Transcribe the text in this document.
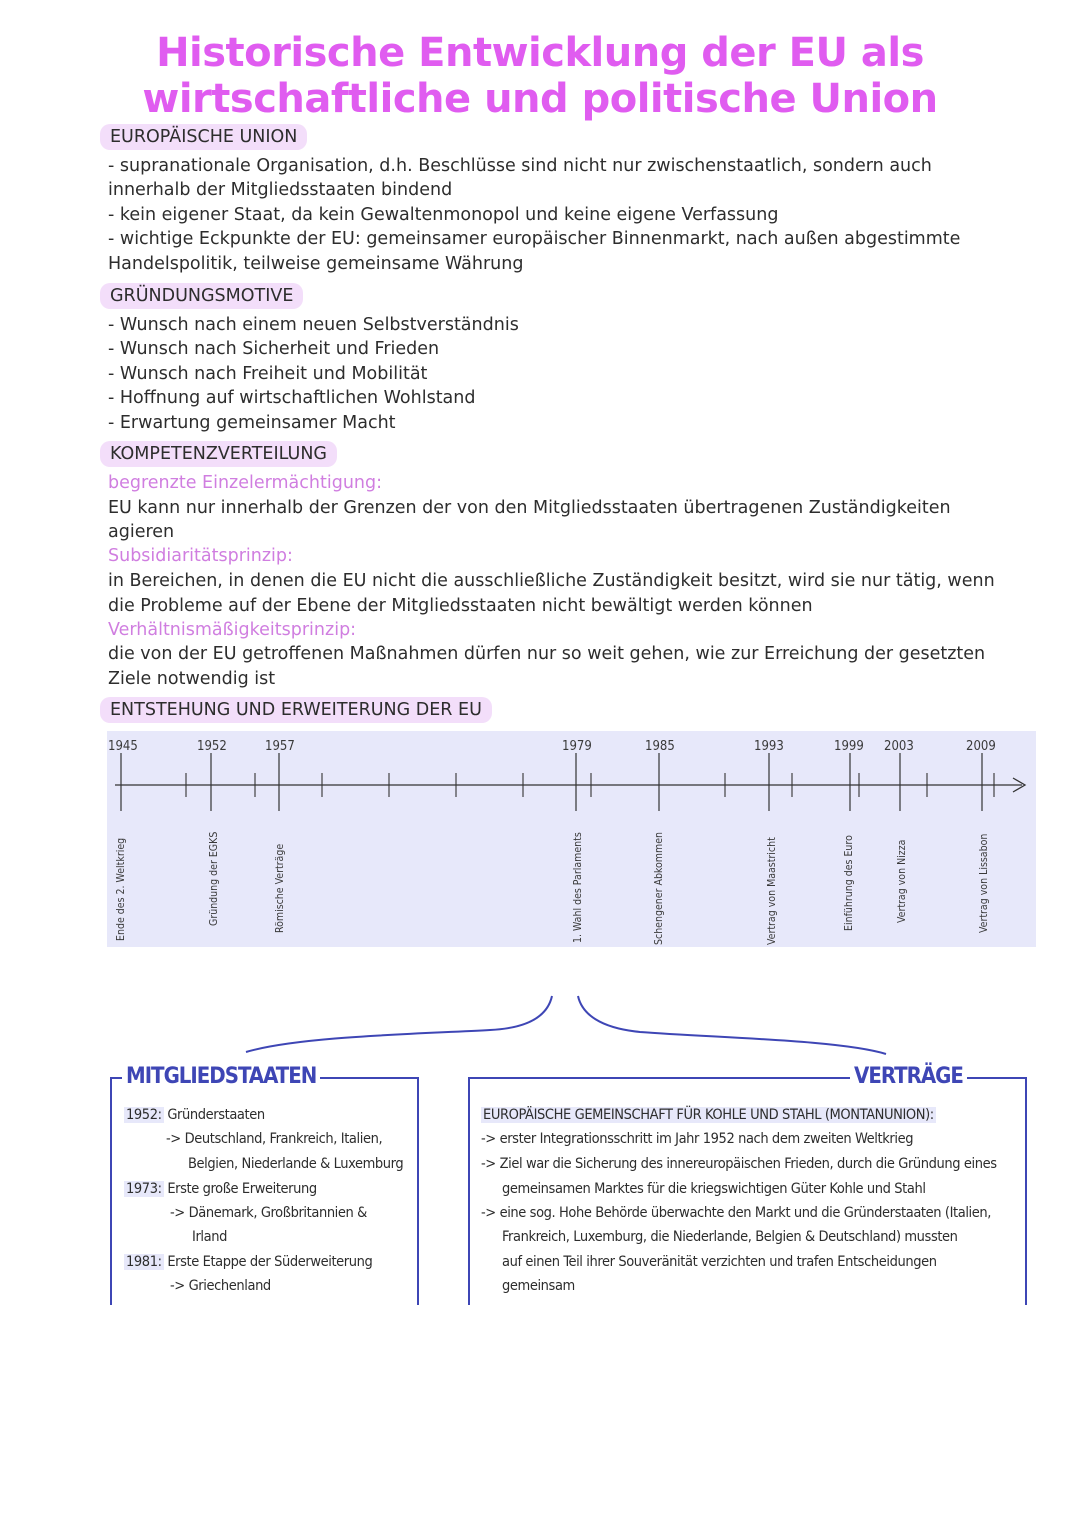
Historische Entwicklung der EU als
wirtschaftliche und politische Union
EUROPÄISCHE UNION
- supranationale Organisation, d.h. Beschlüsse sind nicht nur zwischenstaatlich, sondern auch
innerhalb der Mitgliedsstaaten bindend
- kein eigener Staat, da kein Gewaltenmonopol und keine eigene Verfassung
- wichtige Eckpunkte der EU: gemeinsamer europäischer Binnenmarkt, nach außen abgestimmte
Handelspolitik, teilweise gemeinsame Währung
GRÜNDUNGSMOTIVE
- Wunsch nach einem neuen Selbstverständnis
- Wunsch nach Sicherheit und Frieden
- Wunsch nach Freiheit und Mobilität
- Hoffnung auf wirtschaftlichen Wohlstand
- Erwartung gemeinsamer Macht
KOMPETENZVERTEILUNG
begrenzte Einzelermächtigung:
EU kann nur innerhalb der Grenzen der von den Mitgliedsstaaten übertragenen Zuständigkeiten
agieren
Subsidiaritätsprinzip:
in Bereichen, in denen die EU nicht die ausschließliche Zuständigkeit besitzt, wird sie nur tätig, wenn
die Probleme auf der Ebene der Mitgliedsstaaten nicht bewältigt werden können
Verhältnismäßigkeitsprinzip:
die von der EU getroffenen Maßnahmen dürfen nur so weit gehen, wie zur Erreichung der gesetzten
Ziele notwendig ist
ENTSTEHUNG UND ERWEITERUNG DER EU
1945
Ende des 2. Weltkrieg
1952
Gründung der EGKS
1957
Römische Verträge
1979
1. Wahl des Parlaments
1985
Schengener Abkommen
1993
Vertrag von Maastricht
1999
Einführung des Euro
2003
Vertrag von Nizza
2009
Vertrag von Lissabon
MITGLIEDSTAATEN
1952: Gründerstaaten
-> Deutschland, Frankreich, Italien,
Belgien, Niederlande & Luxemburg
1973: Erste große Erweiterung
-> Dänemark, Großbritannien &
Irland
1981: Erste Etappe der Süderweiterung
-> Griechenland
VERTRÄGE
EUROPÄISCHE GEMEINSCHAFT FÜR KOHLE UND STAHL (MONTANUNION):
-> erster Integrationsschritt im Jahr 1952 nach dem zweiten Weltkrieg
-> Ziel war die Sicherung des innereuropäischen Frieden, durch die Gründung eines
gemeinsamen Marktes für die kriegswichtigen Güter Kohle und Stahl
-> eine sog. Hohe Behörde überwachte den Markt und die Gründerstaaten (Italien,
Frankreich, Luxemburg, die Niederlande, Belgien & Deutschland) mussten
auf einen Teil ihrer Souveränität verzichten und trafen Entscheidungen
gemeinsam
